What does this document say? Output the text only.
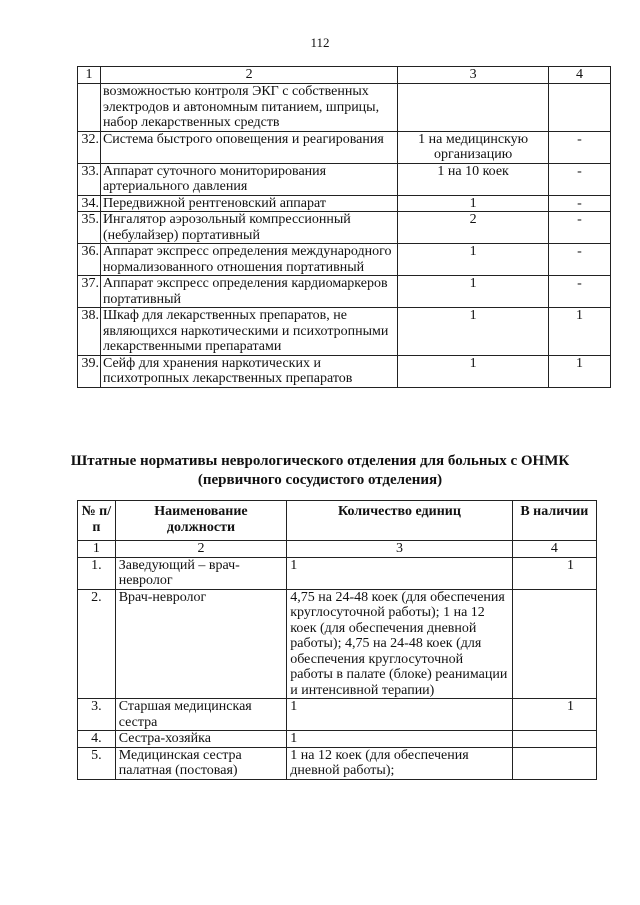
112
1	2	3	4
	возможностью контроля ЭКГ с собственных электродов и автономным питанием, шприцы, набор лекарственных средств		
32.	Система быстрого оповещения и реагирования	1 на медицинскую организацию	-
33.	Аппарат суточного мониторирования артериального давления	1 на 10 коек	-
34.	Передвижной рентгеновский аппарат	1	-
35.	Ингалятор аэрозольный компрессионный (небулайзер) портативный	2	-
36.	Аппарат экспресс определения международного нормализованного отношения портативный	1	-
37.	Аппарат экспресс определения кардиомаркеров портативный	1	-
38.	Шкаф для лекарственных препаратов, не являющихся наркотическими и психотропными лекарственными препаратами	1	1
39.	Сейф для хранения наркотических и психотропных лекарственных препаратов	1	1
Штатные нормативы неврологического отделения для больных с ОНМК
(первичного сосудистого отделения)
№ п/п	Наименование должности	Количество единиц	В наличии
1	2	3	4
1.	Заведующий – врач-невролог	1	1
2.	Врач-невролог	4,75 на 24-48 коек (для обеспечения круглосуточной работы); 1 на 12 коек (для обеспечения дневной работы); 4,75 на 24-48 коек (для обеспечения круглосуточной работы в палате (блоке) реанимации и интенсивной терапии)	
3.	Старшая медицинская сестра	1	1
4.	Сестра-хозяйка	1	
5.	Медицинская сестра палатная (постовая)	1 на 12 коек (для обеспечения дневной работы);	
